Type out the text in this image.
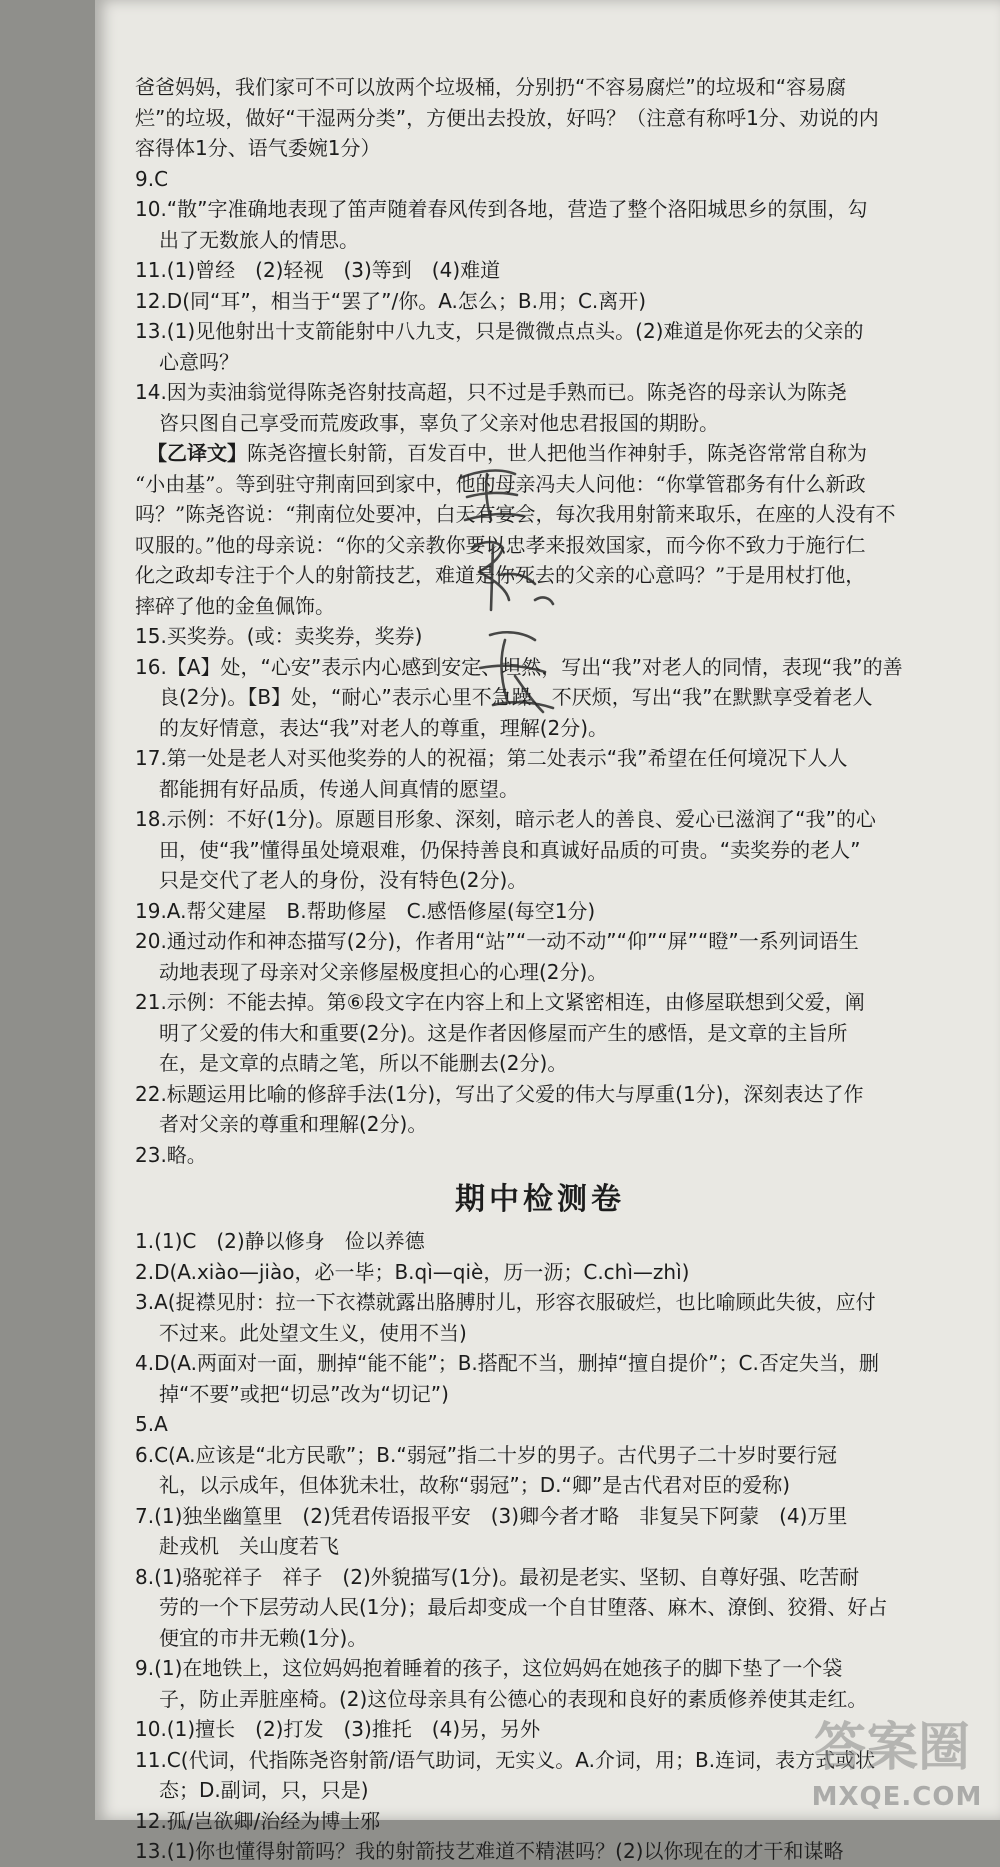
爸爸妈妈，我们家可不可以放两个垃圾桶，分别扔“不容易腐烂”的垃圾和“容易腐
烂”的垃圾，做好“干湿两分类”，方便出去投放，好吗？（注意有称呼1分、劝说的内
容得体1分、语气委婉1分）
9.C
10.“散”字准确地表现了笛声随着春风传到各地，营造了整个洛阳城思乡的氛围，勾
出了无数旅人的情思。
11.(1)曾经　(2)轻视　(3)等到　(4)难道
12.D(同“耳”，相当于“罢了”/你。A.怎么；B.用；C.离开)
13.(1)见他射出十支箭能射中八九支，只是微微点点头。(2)难道是你死去的父亲的
心意吗？
14.因为卖油翁觉得陈尧咨射技高超，只不过是手熟而已。陈尧咨的母亲认为陈尧
咨只图自己享受而荒废政事，辜负了父亲对他忠君报国的期盼。
【乙译文】陈尧咨擅长射箭，百发百中，世人把他当作神射手，陈尧咨常常自称为
“小由基”。等到驻守荆南回到家中，他的母亲冯夫人问他：“你掌管郡务有什么新政
吗？”陈尧咨说：“荆南位处要冲，白天有宴会，每次我用射箭来取乐，在座的人没有不
叹服的。”他的母亲说：“你的父亲教你要以忠孝来报效国家，而今你不致力于施行仁
化之政却专注于个人的射箭技艺，难道是你死去的父亲的心意吗？”于是用杖打他，
摔碎了他的金鱼佩饰。
15.买奖券。(或：卖奖券，奖券)
16.【A】处，“心安”表示内心感到安定、坦然，写出“我”对老人的同情，表现“我”的善
良(2分)。【B】处，“耐心”表示心里不急躁、不厌烦，写出“我”在默默享受着老人
的友好情意，表达“我”对老人的尊重，理解(2分)。
17.第一处是老人对买他奖券的人的祝福；第二处表示“我”希望在任何境况下人人
都能拥有好品质，传递人间真情的愿望。
18.示例：不好(1分)。原题目形象、深刻，暗示老人的善良、爱心已滋润了“我”的心
田，使“我”懂得虽处境艰难，仍保持善良和真诚好品质的可贵。“卖奖券的老人”
只是交代了老人的身份，没有特色(2分)。
19.A.帮父建屋　B.帮助修屋　C.感悟修屋(每空1分)
20.通过动作和神态描写(2分)，作者用“站”“一动不动”“仰”“屏”“瞪”一系列词语生
动地表现了母亲对父亲修屋极度担心的心理(2分)。
21.示例：不能去掉。第⑥段文字在内容上和上文紧密相连，由修屋联想到父爱，阐
明了父爱的伟大和重要(2分)。这是作者因修屋而产生的感悟，是文章的主旨所
在，是文章的点睛之笔，所以不能删去(2分)。
22.标题运用比喻的修辞手法(1分)，写出了父爱的伟大与厚重(1分)，深刻表达了作
者对父亲的尊重和理解(2分)。
23.略。
期中检测卷
1.(1)C　(2)静以修身　俭以养德
2.D(A.xiào—jiào，必一毕；B.qì—qiè，历一沥；C.chì—zhì)
3.A(捉襟见肘：拉一下衣襟就露出胳膊肘儿，形容衣服破烂，也比喻顾此失彼，应付
不过来。此处望文生义，使用不当)
4.D(A.两面对一面，删掉“能不能”；B.搭配不当，删掉“擅自提价”；C.否定失当，删
掉“不要”或把“切忌”改为“切记”)
5.A
6.C(A.应该是“北方民歌”；B.“弱冠”指二十岁的男子。古代男子二十岁时要行冠
礼，以示成年，但体犹未壮，故称“弱冠”；D.“卿”是古代君对臣的爱称)
7.(1)独坐幽篁里　(2)凭君传语报平安　(3)卿今者才略　非复吴下阿蒙　(4)万里
赴戎机　关山度若飞
8.(1)骆驼祥子　祥子　(2)外貌描写(1分)。最初是老实、坚韧、自尊好强、吃苦耐
劳的一个下层劳动人民(1分)；最后却变成一个自甘堕落、麻木、潦倒、狡猾、好占
便宜的市井无赖(1分)。
9.(1)在地铁上，这位妈妈抱着睡着的孩子，这位妈妈在她孩子的脚下垫了一个袋
子，防止弄脏座椅。(2)这位母亲具有公德心的表现和良好的素质修养使其走红。
10.(1)擅长　(2)打发　(3)推托　(4)另，另外
11.C(代词，代指陈尧咨射箭/语气助词，无实义。A.介词，用；B.连词，表方式或状
态；D.副词，只，只是)
12.孤/岂欲卿/治经为博士邪
13.(1)你也懂得射箭吗？我的射箭技艺难道不精湛吗？(2)以你现在的才干和谋略
答案圈
MXQE.COM
